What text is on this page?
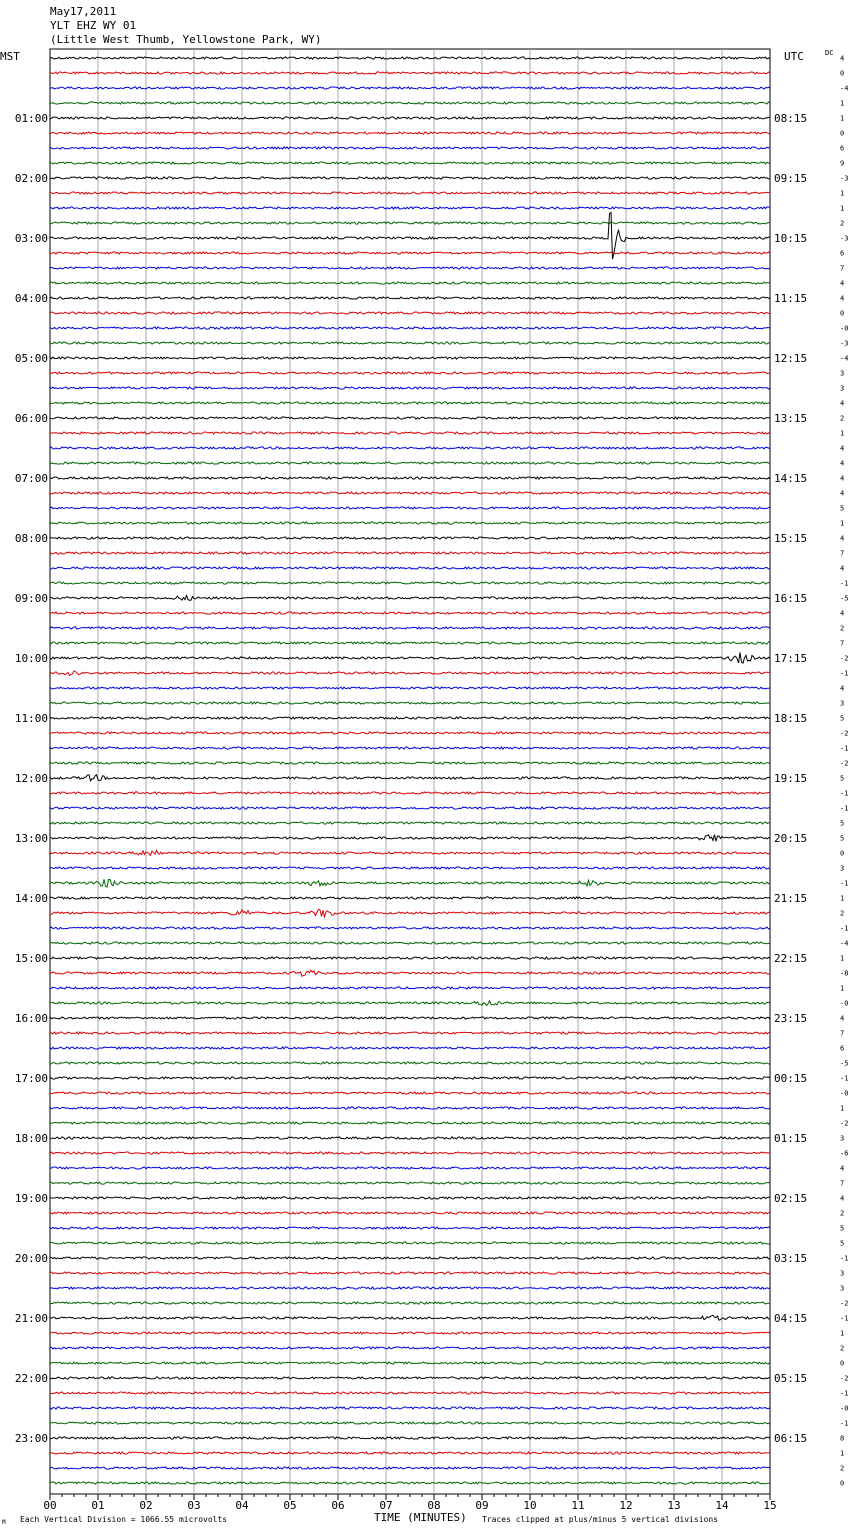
May17,2011
YLT EHZ WY 01
(Little West Thumb, Yellowstone Park, WY)
MST	UTC	DC
4
0
-4
1
1
01:00	08:15
0
6
9
-3
02:00	09:15
1
1
2
-3
03:00	10:15
6
7
4
4
04:00	11:15
0
-0
-3
-4
05:00	12:15
3
3
4
2
06:00	13:15
1
4
4
4
07:00	14:15
4
5
1
4
08:00	15:15
7
4
-1
-5
09:00	16:15
4
2
7
-2
10:00	17:15
-1
4
3
5
11:00	18:15
-2
-1
-2
5
12:00	19:15
-1
-1
5
5
13:00	20:15
0
3
-1
1
14:00	21:15
2
-1
-4
1
15:00	22:15
-8
1
-0
4
16:00	23:15
7
6
-5
-1
17:00	00:15
-0
1
-2
3
18:00	01:15
-6
4
7
4
19:00	02:15
2
5
5
-1
20:00	03:15
3
3
-2
-1
21:00	04:15
1
2
0
-2
22:00	05:15
-1
-0
-1
8
23:00	06:15
1
2
0
00	01	02	03	04	05	06	07	08	09	10	11	12	13	14	15
M Each Vertical Division = 1066.55 microvolts	TIME (MINUTES) Traces clipped at plus/minus 5 vertical divisions
